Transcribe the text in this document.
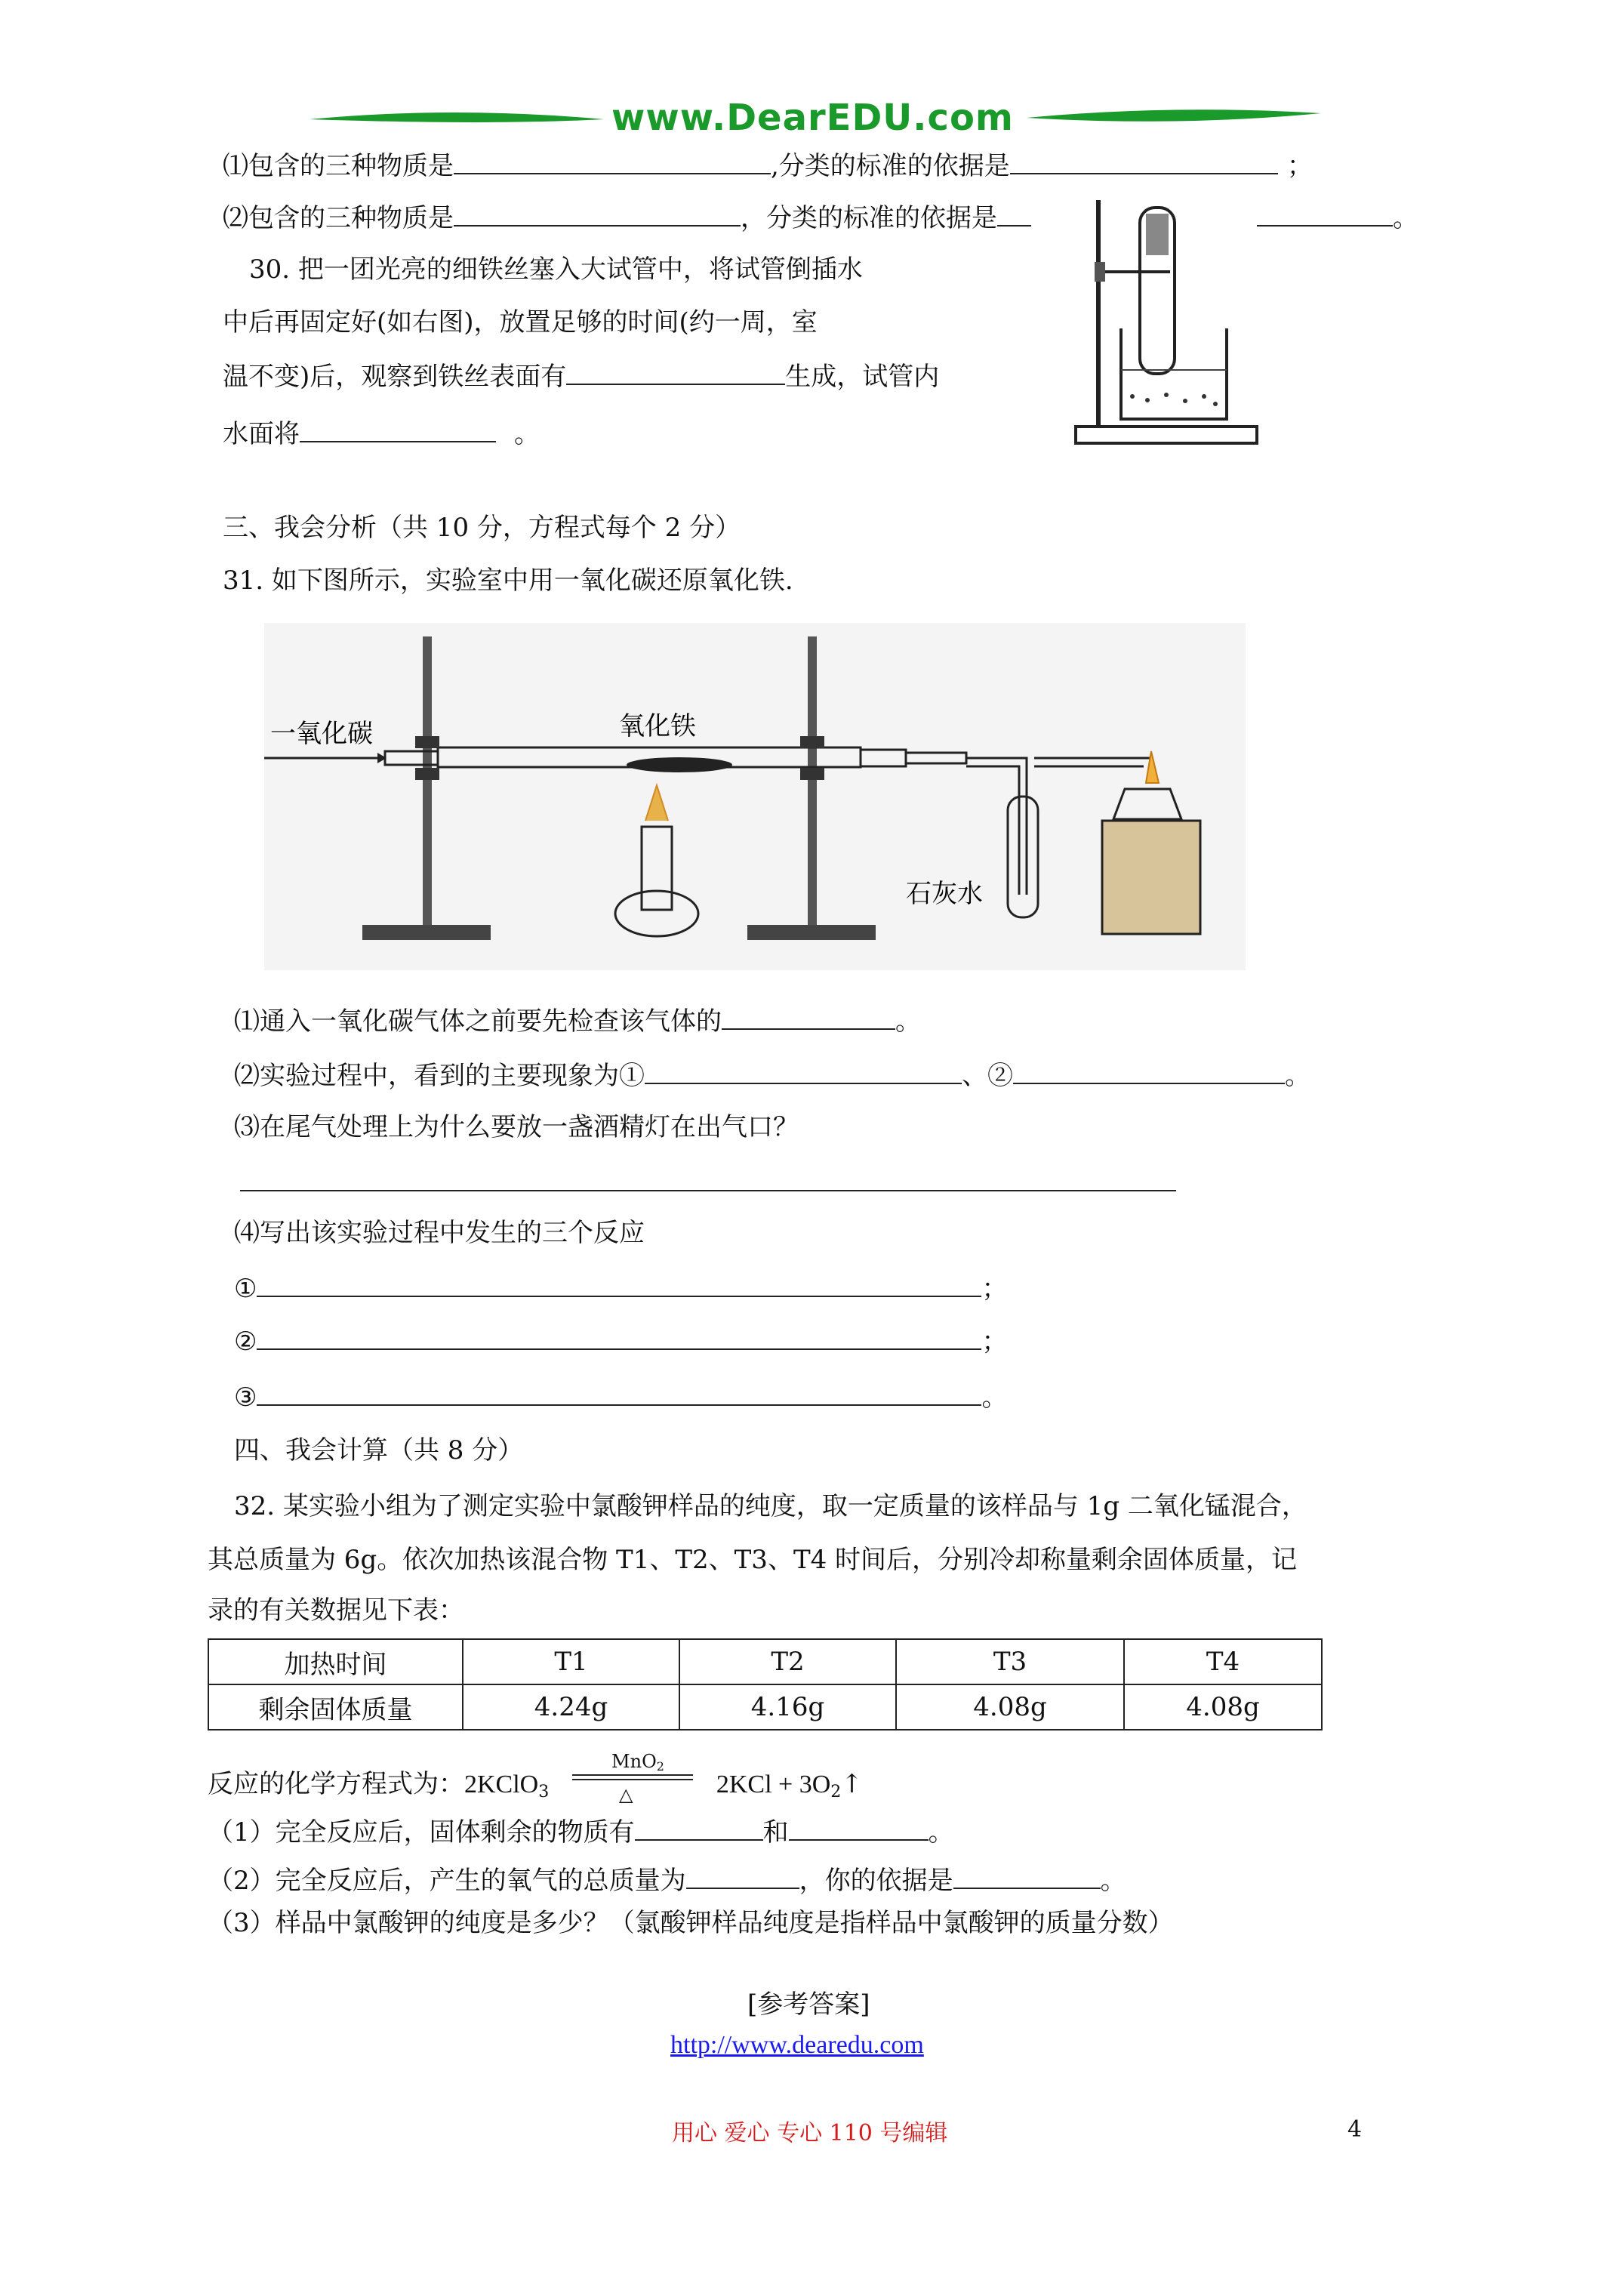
www.DearEDU.com
⑴包含的三种物质是	,分类的标准的依据是	；
⑵包含的三种物质是	，分类的标准的依据是	。
30. 把一团光亮的细铁丝塞入大试管中，将试管倒插水
中后再固定好(如右图)，放置足够的时间(约一周，室
温不变)后，观察到铁丝表面有	生成，试管内
水面将	。
三、我会分析（共 10 分，方程式每个 2 分）
31. 如下图所示，实验室中用一氧化碳还原氧化铁.
一氧化碳	氧化铁
石灰水
⑴通入一氧化碳气体之前要先检查该气体的	。
⑵实验过程中，看到的主要现象为①	、②	。
⑶在尾气处理上为什么要放一盏酒精灯在出气口？
⑷写出该实验过程中发生的三个反应
①	；
②	；
③	。
四、我会计算（共 8 分）
32. 某实验小组为了测定实验中氯酸钾样品的纯度，取一定质量的该样品与 1g 二氧化锰混合，
其总质量为 6g。依次加热该混合物 T1、T2、T3、T4 时间后，分别冷却称量剩余固体质量，记
录的有关数据见下表：
加热时间	T1	T2	T3	T4
剩余固体质量	4.24g	4.16g	4.08g	4.08g
反应的化学方程式为：2KClO$_3$
MnO2
△	$2KCl + 3O_2↑$
（1）完全反应后，固体剩余的物质有	和	。
（2）完全反应后，产生的氧气的总质量为	，你的依据是	。
（3）样品中氯酸钾的纯度是多少？（氯酸钾样品纯度是指样品中氯酸钾的质量分数）
[参考答案]
http://www.dearedu.com
用心 爱心 专心 110 号编辑	4
